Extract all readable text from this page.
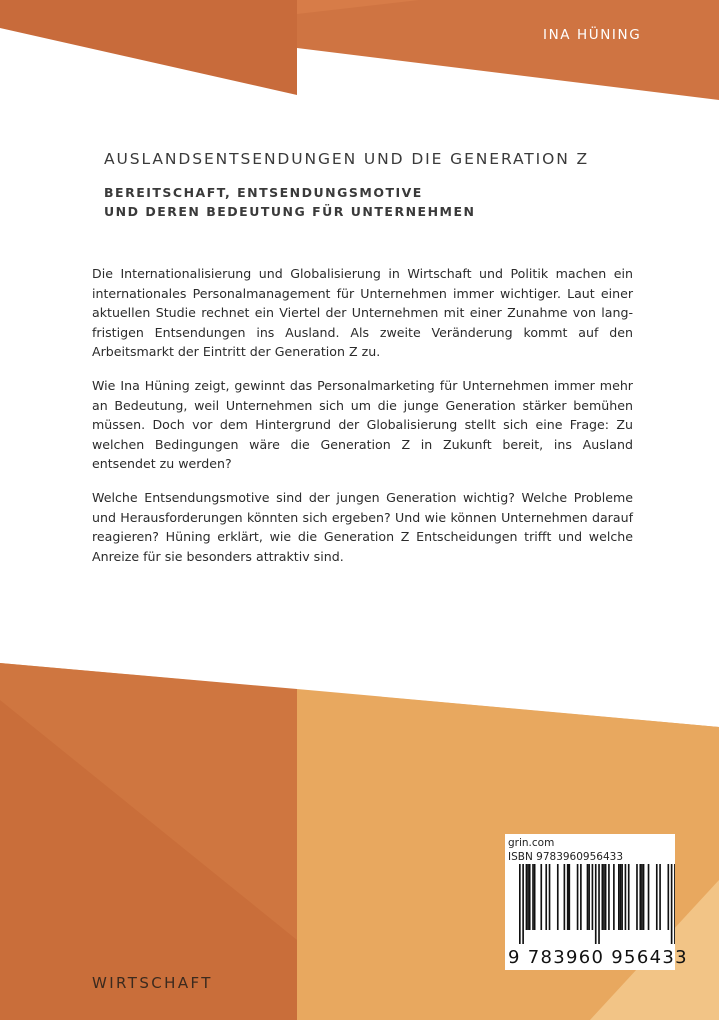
INA HÜNING

AUSLANDSENTSENDUNGEN UND DIE GENERATION Z
BEREITSCHAFT, ENTSENDUNGSMOTIVE
UND DEREN BEDEUTUNG FÜR UNTERNEHMEN

Die Internationalisierung und Globalisierung in Wirtschaft und Politik machen ein internationales Personalmanagement für Unternehmen immer wichtiger. Laut einer aktuellen Studie rechnet ein Viertel der Unternehmen mit einer Zunahme von lang-fristigen Entsendungen ins Ausland. Als zweite Veränderung kommt auf den Arbeitsmarkt der Eintritt der Generation Z zu.

Wie Ina Hüning zeigt, gewinnt das Personalmarketing für Unternehmen immer mehr an Bedeutung, weil Unternehmen sich um die junge Generation stärker bemühen müssen. Doch vor dem Hintergrund der Globalisierung stellt sich eine Frage: Zu welchen Bedingungen wäre die Generation Z in Zukunft bereit, ins Ausland entsendet zu werden?

Welche Entsendungsmotive sind der jungen Generation wichtig? Welche Probleme und Herausforderungen könnten sich ergeben? Und wie können Unternehmen darauf reagieren? Hüning erklärt, wie die Generation Z Entscheidungen trifft und welche Anreize für sie besonders attraktiv sind.

grin.com

ISBN 9783960956433

9 783960 956433

WIRTSCHAFT
